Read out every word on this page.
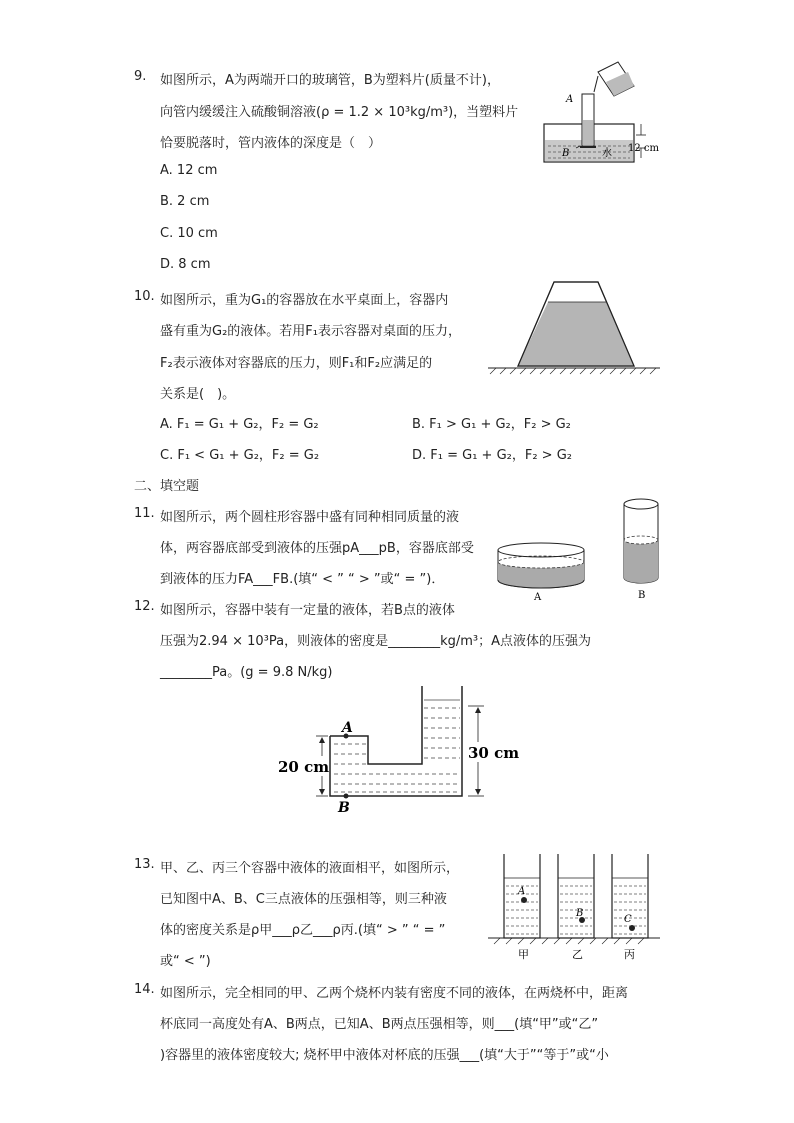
9. 如图所示，A为两端开口的玻璃管，B为塑料片(质量不计)，
向管内缓缓注入硫酸铜溶液(ρ = 1.2 × 10³kg/m³)，当塑料片
恰要脱落时，管内液体的深度是（　）
A. 12 cm
B. 2 cm
C. 10 cm
D. 8 cm
A
B	水 12 cm
10. 如图所示，重为G₁的容器放在水平桌面上，容器内
盛有重为G₂的液体。若用F₁表示容器对桌面的压力，
F₂表示液体对容器底的压力，则F₁和F₂应满足的
关系是(　)。
A. F₁ = G₁ + G₂，F₂ = G₂	B. F₁ > G₁ + G₂，F₂ > G₂
C. F₁ < G₁ + G₂，F₂ = G₂	D. F₁ = G₁ + G₂，F₂ > G₂
二、填空题
11. 如图所示，两个圆柱形容器中盛有同种相同质量的液
体，两容器底部受到液体的压强pA___pB，容器底部受
到液体的压力FA___FB.(填“ < ” “ > ”或“ = ”)．
A	B
12. 如图所示，容器中装有一定量的液体，若B点的液体
压强为2.94 × 10³Pa，则液体的密度是________kg/m³；A点液体的压强为
________Pa。(g = 9.8 N/kg)
A
B
20 cm
30 cm
13. 甲、乙、丙三个容器中液体的液面相平，如图所示，
已知图中A、B、C三点液体的压强相等，则三种液
体的密度关系是ρ甲___ρ乙___ρ丙.(填“ > ” “ = ”
或“ < ”)
A
B
C
甲	乙	丙
14. 如图所示，完全相同的甲、乙两个烧杯内装有密度不同的液体，在两烧杯中，距离
杯底同一高度处有A、B两点，已知A、B两点压强相等，则___(填“甲”或“乙”
)容器里的液体密度较大; 烧杯甲中液体对杯底的压强___(填“大于”“等于”或“小
